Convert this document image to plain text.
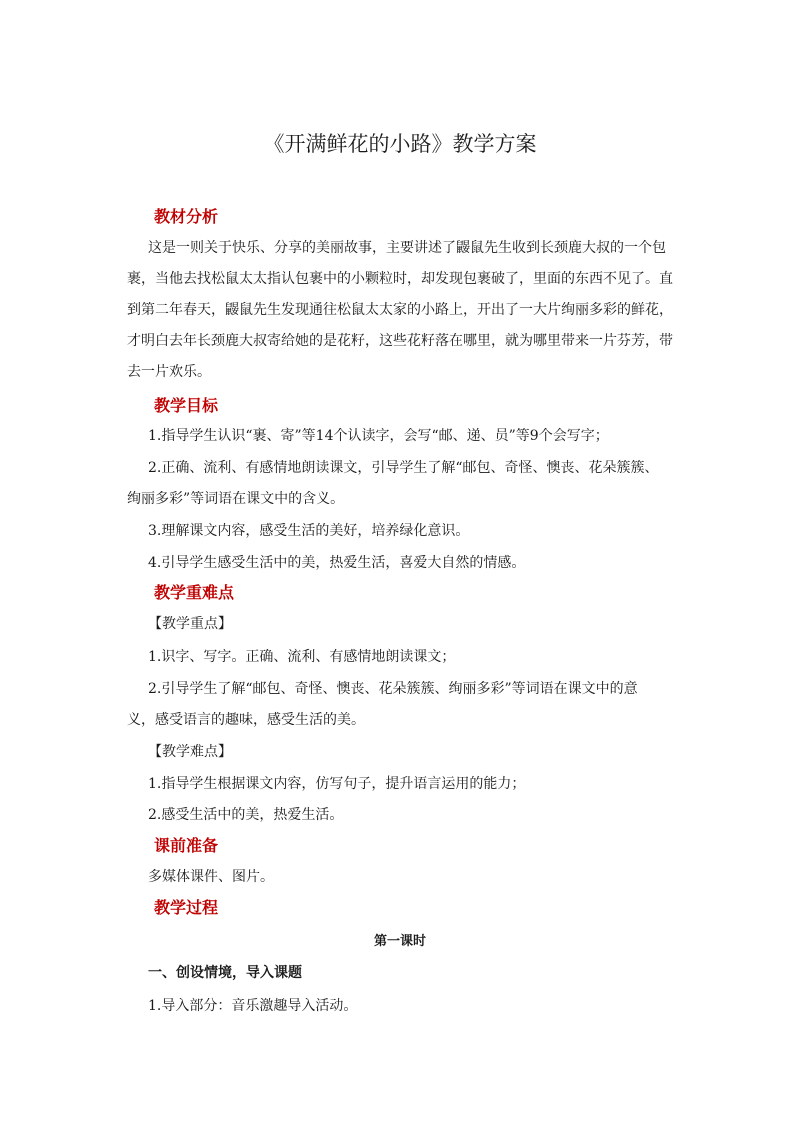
《开满鲜花的小路》教学方案
教材分析

这是一则关于快乐、分享的美丽故事，主要讲述了鼹鼠先生收到长颈鹿大叔的一个包

裹，当他去找松鼠太太指认包裹中的小颗粒时，却发现包裹破了，里面的东西不见了。直

到第二年春天，鼹鼠先生发现通往松鼠太太家的小路上，开出了一大片绚丽多彩的鲜花，

才明白去年长颈鹿大叔寄给她的是花籽，这些花籽落在哪里，就为哪里带来一片芬芳，带

去一片欢乐。

教学目标

1.指导学生认识“裹、寄”等14个认读字，会写“邮、递、员”等9个会写字；

2.正确、流利、有感情地朗读课文，引导学生了解“邮包、奇怪、懊丧、花朵簇簇、

绚丽多彩”等词语在课文中的含义。

3.理解课文内容，感受生活的美好，培养绿化意识。

4.引导学生感受生活中的美，热爱生活，喜爱大自然的情感。

教学重难点

【教学重点】

1.识字、写字。正确、流利、有感情地朗读课文；

2.引导学生了解“邮包、奇怪、懊丧、花朵簇簇、绚丽多彩”等词语在课文中的意

义，感受语言的趣味，感受生活的美。

【教学难点】

1.指导学生根据课文内容，仿写句子，提升语言运用的能力；

2.感受生活中的美，热爱生活。

课前准备

多媒体课件、图片。

教学过程

第一课时

一、创设情境，导入课题

1.导入部分：音乐激趣导入活动。
